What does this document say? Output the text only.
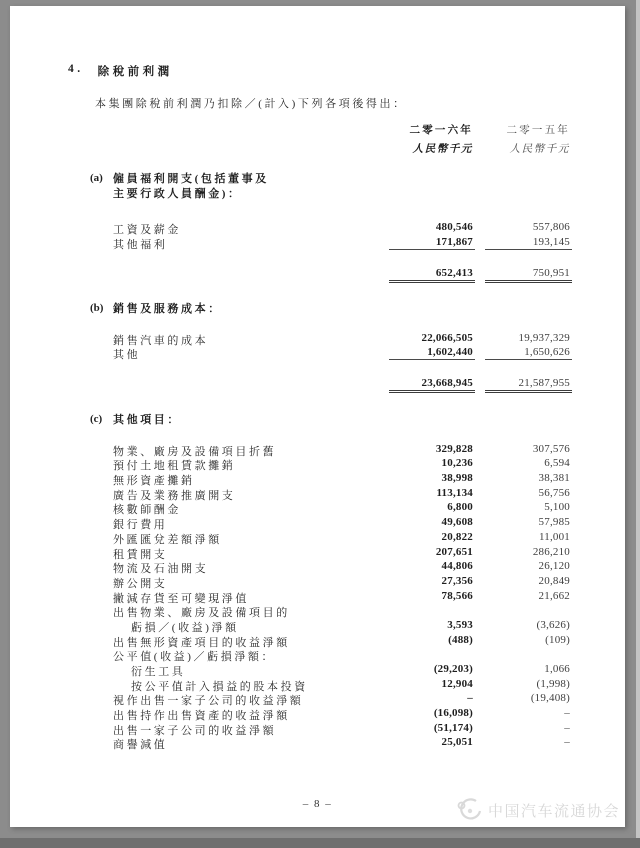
4. 除稅前利潤
本集團除稅前利潤乃扣除／(計入)下列各項後得出：
二零一六年	二零一五年
人民幣千元	人民幣千元
(a) 僱員福利開支(包括董事及
主要行政人員酬金)：
工資及薪金	480,546	557,806
其他福利	171,867	193,145
652,413	750,951
(b) 銷售及服務成本：
銷售汽車的成本	22,066,505	19,937,329
其他	1,602,440	1,650,626
23,668,945	21,587,955
(c) 其他項目：
物業、廠房及設備項目折舊	329,828	307,576
預付土地租賃款攤銷	10,236	6,594
無形資產攤銷	38,998	38,381
廣告及業務推廣開支	113,134	56,756
核數師酬金	6,800	5,100
銀行費用	49,608	57,985
外匯匯兌差額淨額	20,822	11,001
租賃開支	207,651	286,210
物流及石油開支	44,806	26,120
辦公開支	27,356	20,849
撇減存貨至可變現淨值	78,566	21,662
出售物業、廠房及設備項目的
虧損／(收益)淨額	3,593	(3,626)
出售無形資產項目的收益淨額	(488)	(109)
公平值(收益)／虧損淨額：
衍生工具	(29,203)	1,066
按公平值計入損益的股本投資	12,904	(1,998)
視作出售一家子公司的收益淨額	–	(19,408)
出售持作出售資產的收益淨額	(16,098)	–
出售一家子公司的收益淨額	(51,174)	–
商譽減值	25,051	–
– 8 –	中国汽车流通协会
